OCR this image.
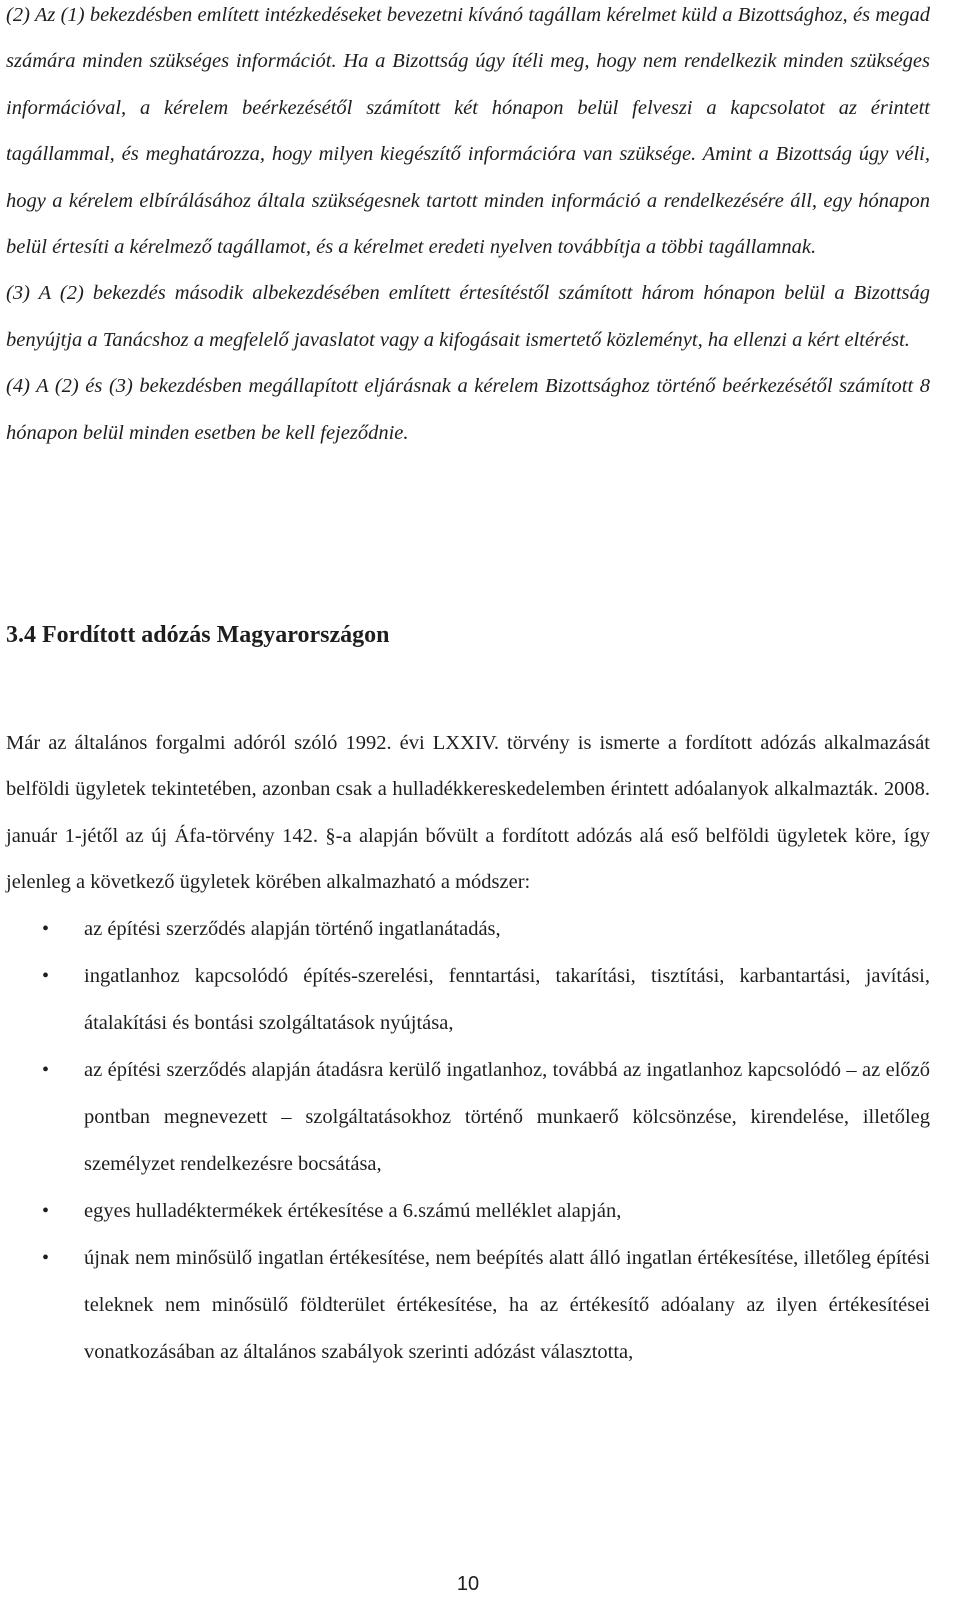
(2) Az (1) bekezdésben említett intézkedéseket bevezetni kívánó tagállam kérelmet küld a Bizottsághoz, és megad számára minden szükséges információt. Ha a Bizottság úgy ítéli meg, hogy nem rendelkezik minden szükséges információval, a kérelem beérkezésétől számított két hónapon belül felveszi a kapcsolatot az érintett tagállammal, és meghatározza, hogy milyen kiegészítő információra van szüksége. Amint a Bizottság úgy véli, hogy a kérelem elbírálásához általa szükségesnek tartott minden információ a rendelkezésére áll, egy hónapon belül értesíti a kérelmező tagállamot, és a kérelmet eredeti nyelven továbbítja a többi tagállamnak.

(3) A (2) bekezdés második albekezdésében említett értesítéstől számított három hónapon belül a Bizottság benyújtja a Tanácshoz a megfelelő javaslatot vagy a kifogásait ismertető közleményt, ha ellenzi a kért eltérést.

(4) A (2) és (3) bekezdésben megállapított eljárásnak a kérelem Bizottsághoz történő beérkezésétől számított 8 hónapon belül minden esetben be kell fejeződnie.

3.4 Fordított adózás Magyarországon

Már az általános forgalmi adóról szóló 1992. évi LXXIV. törvény is ismerte a fordított adózás alkalmazását belföldi ügyletek tekintetében, azonban csak a hulladékkereskedelemben érintett adóalanyok alkalmazták. 2008. január 1-jétől az új Áfa-törvény 142. §-a alapján bővült a fordított adózás alá eső belföldi ügyletek köre, így jelenleg a következő ügyletek körében alkalmazható a módszer:

• az építési szerződés alapján történő ingatlanátadás,
• ingatlanhoz kapcsolódó építés-szerelési, fenntartási, takarítási, tisztítási, karbantartási, javítási, átalakítási és bontási szolgáltatások nyújtása,
• az építési szerződés alapján átadásra kerülő ingatlanhoz, továbbá az ingatlanhoz kapcsolódó – az előző pontban megnevezett – szolgáltatásokhoz történő munkaerő kölcsönzése, kirendelése, illetőleg személyzet rendelkezésre bocsátása,
• egyes hulladéktermékek értékesítése a 6.számú melléklet alapján,
• újnak nem minősülő ingatlan értékesítése, nem beépítés alatt álló ingatlan értékesítése, illetőleg építési teleknek nem minősülő földterület értékesítése, ha az értékesítő adóalany az ilyen értékesítései vonatkozásában az általános szabályok szerinti adózást választotta,
10
